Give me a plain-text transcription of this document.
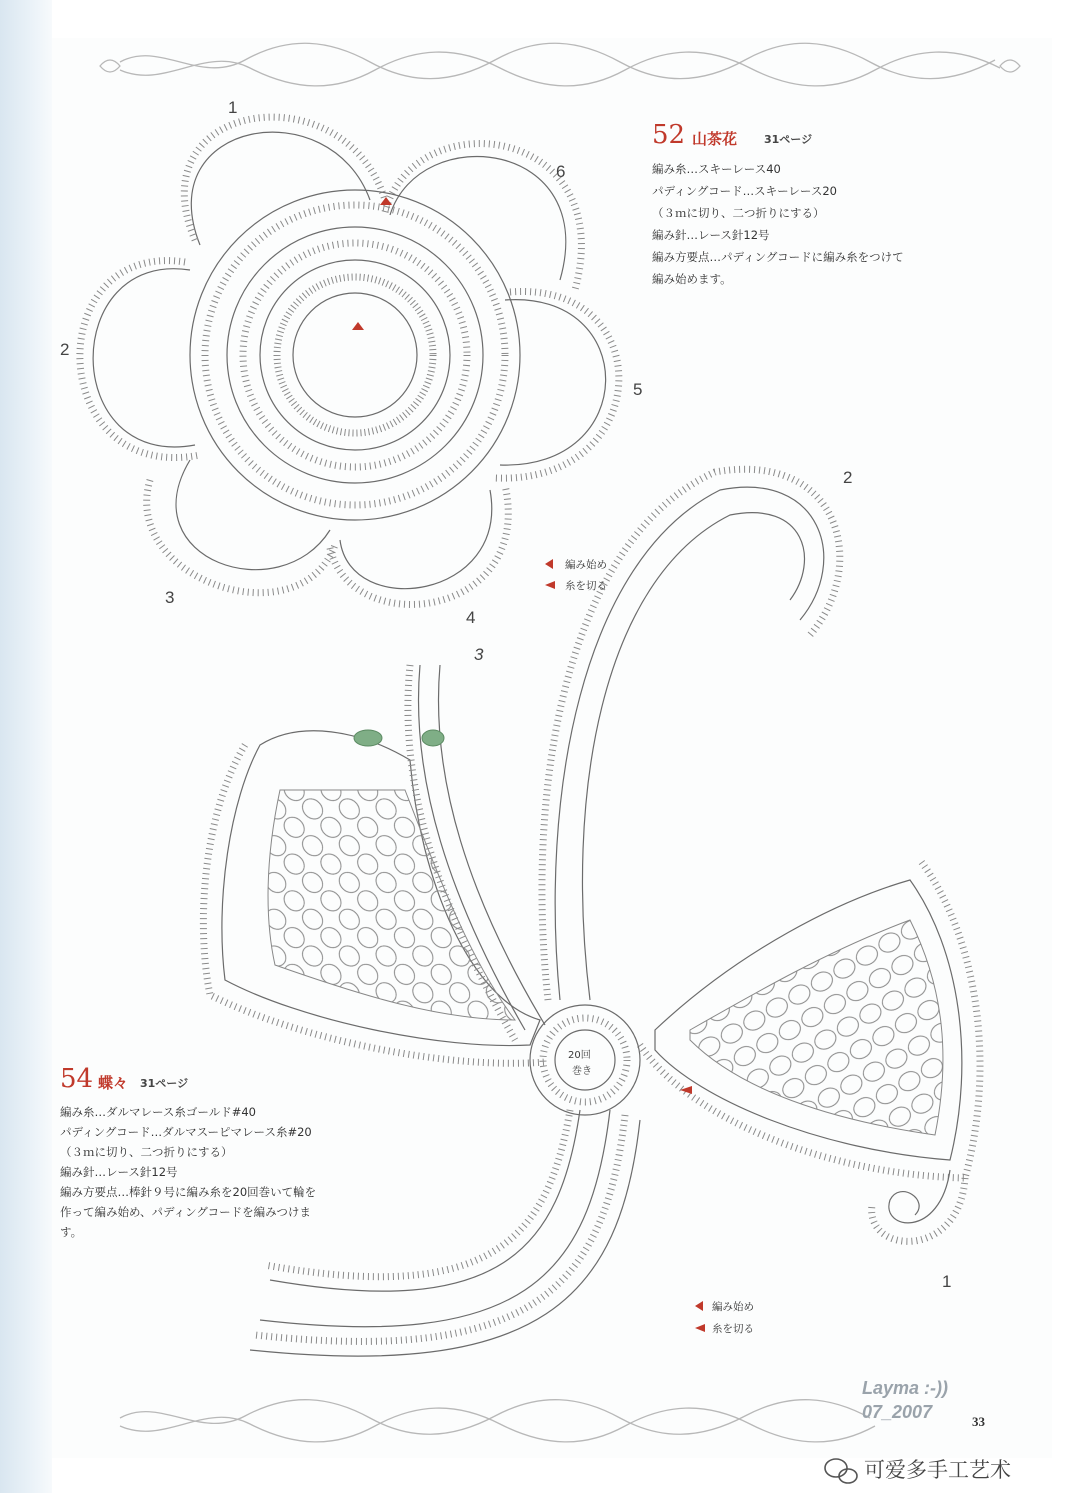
52 山茶花 31ページ
編み糸…スキーレース40
パディングコード…スキーレース20
（３ｍに切り、二つ折りにする）
編み針…レース針12号
編み方要点…パディングコードに編み糸をつけて
編み始めます。
編み始め
糸を切る
1
2
3
4
5
6
54 蝶々 31ページ
編み糸…ダルマレース糸ゴールド#40
パディングコード…ダルマスーピマレース糸#20
（３ｍに切り、二つ折りにする）
編み針…レース針12号
編み方要点…棒針９号に編み糸を20回巻いて輪を
作って編み始め、パディングコードを編みつけま
す。
編み始め
糸を切る
20回
巻き
1
2
3
Layma :-))
07_2007	33
可爱多手工艺术
